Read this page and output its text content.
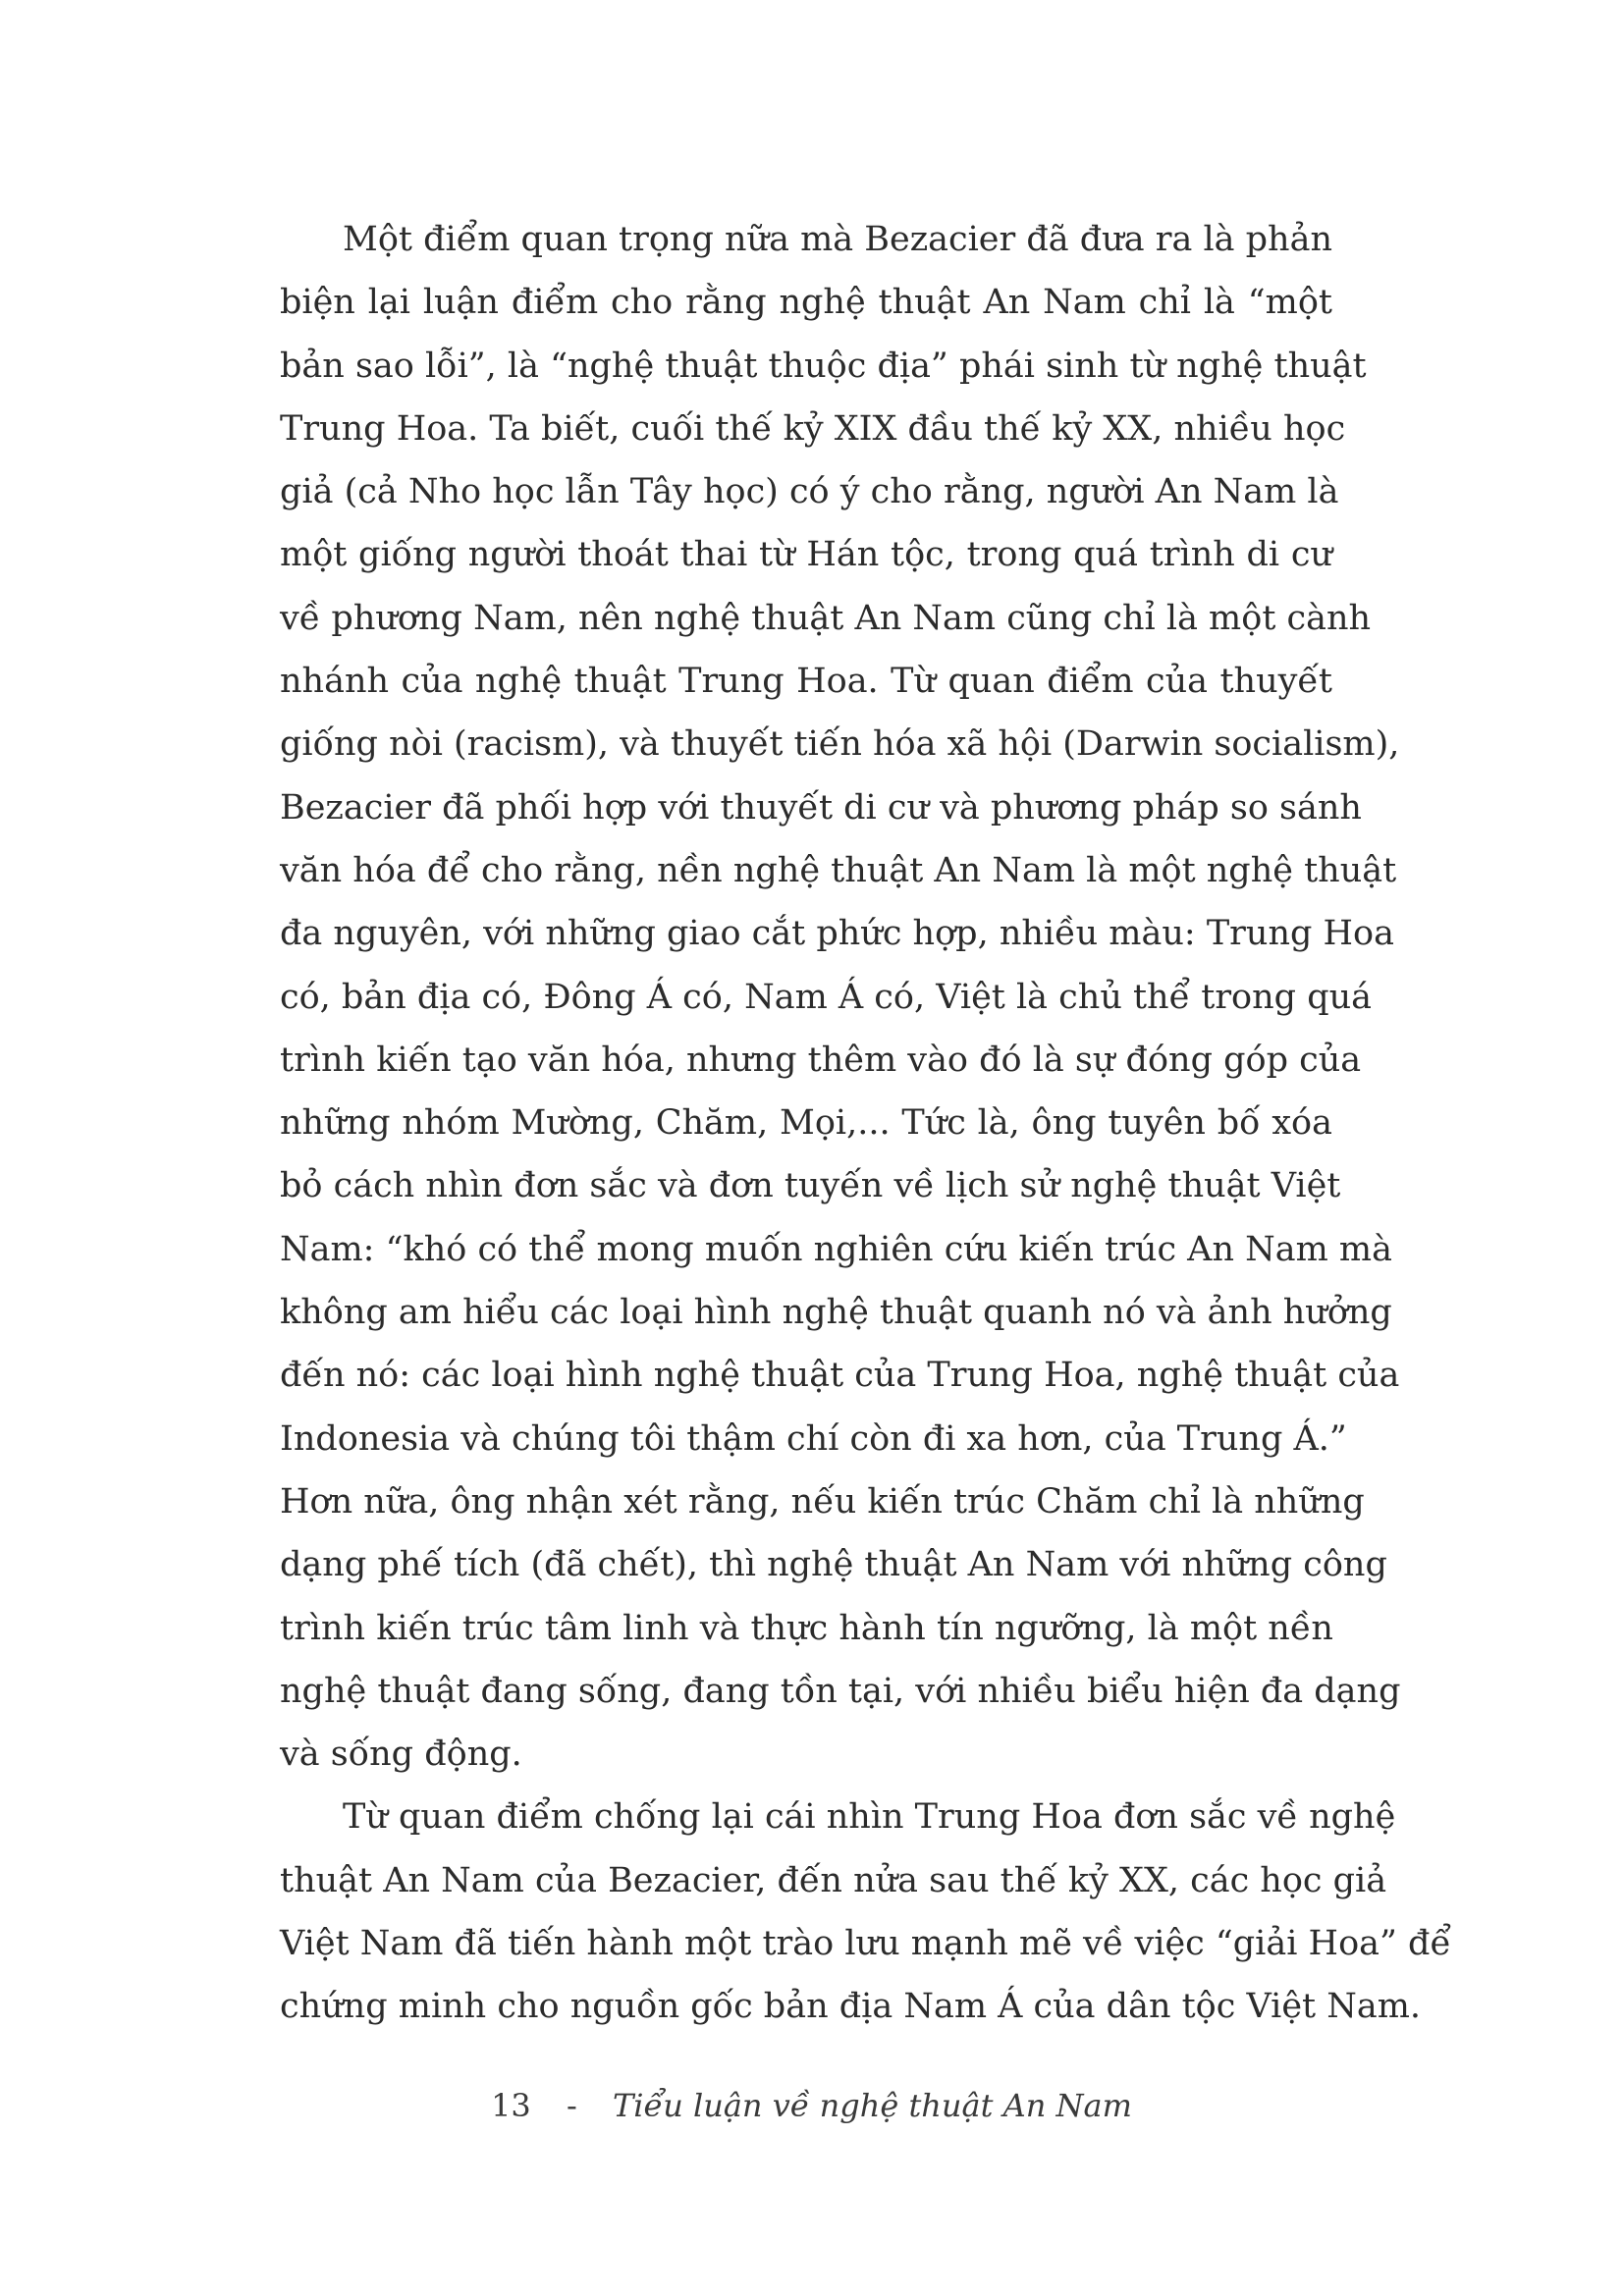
Một điểm quan trọng nữa mà Bezacier đã đưa ra là phản
biện lại luận điểm cho rằng nghệ thuật An Nam chỉ là “một
bản sao lỗi”, là “nghệ thuật thuộc địa” phái sinh từ nghệ thuật
Trung Hoa. Ta biết, cuối thế kỷ XIX đầu thế kỷ XX, nhiều học
giả (cả Nho học lẫn Tây học) có ý cho rằng, người An Nam là
một giống người thoát thai từ Hán tộc, trong quá trình di cư
về phương Nam, nên nghệ thuật An Nam cũng chỉ là một cành
nhánh của nghệ thuật Trung Hoa. Từ quan điểm của thuyết
giống nòi (racism), và thuyết tiến hóa xã hội (Darwin socialism),
Bezacier đã phối hợp với thuyết di cư và phương pháp so sánh
văn hóa để cho rằng, nền nghệ thuật An Nam là một nghệ thuật
đa nguyên, với những giao cắt phức hợp, nhiều màu: Trung Hoa
có, bản địa có, Đông Á có, Nam Á có, Việt là chủ thể trong quá
trình kiến tạo văn hóa, nhưng thêm vào đó là sự đóng góp của
những nhóm Mường, Chăm, Mọi,... Tức là, ông tuyên bố xóa
bỏ cách nhìn đơn sắc và đơn tuyến về lịch sử nghệ thuật Việt
Nam: “khó có thể mong muốn nghiên cứu kiến trúc An Nam mà
không am hiểu các loại hình nghệ thuật quanh nó và ảnh hưởng
đến nó: các loại hình nghệ thuật của Trung Hoa, nghệ thuật của
Indonesia và chúng tôi thậm chí còn đi xa hơn, của Trung Á.”
Hơn nữa, ông nhận xét rằng, nếu kiến trúc Chăm chỉ là những
dạng phế tích (đã chết), thì nghệ thuật An Nam với những công
trình kiến trúc tâm linh và thực hành tín ngưỡng, là một nền
nghệ thuật đang sống, đang tồn tại, với nhiều biểu hiện đa dạng
và sống động.
Từ quan điểm chống lại cái nhìn Trung Hoa đơn sắc về nghệ
thuật An Nam của Bezacier, đến nửa sau thế kỷ XX, các học giả
Việt Nam đã tiến hành một trào lưu mạnh mẽ về việc “giải Hoa” để
chứng minh cho nguồn gốc bản địa Nam Á của dân tộc Việt Nam.
13 - Tiểu luận về nghệ thuật An Nam
